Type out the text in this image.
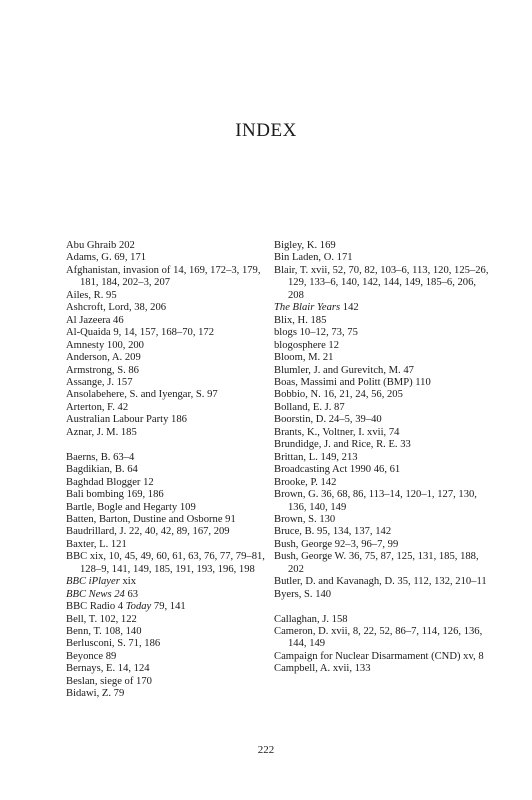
INDEX

Abu Ghraib 202

Adams, G. 69, 171

Afghanistan, invasion of 14, 169, 172–3, 179, 181, 184, 202–3, 207

Ailes, R. 95

Ashcroft, Lord, 38, 206

Al Jazeera 46

Al-Quaida 9, 14, 157, 168–70, 172

Amnesty 100, 200

Anderson, A. 209

Armstrong, S. 86

Assange, J. 157

Ansolabehere, S. and Iyengar, S. 97

Arterton, F. 42

Australian Labour Party 186

Aznar, J. M. 185

Baerns, B. 63–4

Bagdikian, B. 64

Baghdad Blogger 12

Bali bombing 169, 186

Bartle, Bogle and Hegarty 109

Batten, Barton, Dustine and Osborne 91

Baudrillard, J. 22, 40, 42, 89, 167, 209

Baxter, L. 121

BBC xix, 10, 45, 49, 60, 61, 63, 76, 77, 79–81, 128–9, 141, 149, 185, 191, 193, 196, 198

BBC iPlayer xix

BBC News 24 63

BBC Radio 4 Today 79, 141

Bell, T. 102, 122

Benn, T. 108, 140

Berlusconi, S. 71, 186

Beyonce 89

Bernays, E. 14, 124

Beslan, siege of 170

Bidawi, Z. 79

Bigley, K. 169

Bin Laden, O. 171

Blair, T. xvii, 52, 70, 82, 103–6, 113, 120, 125–26, 129, 133–6, 140, 142, 144, 149, 185–6, 206, 208

The Blair Years 142

Blix, H. 185

blogs 10–12, 73, 75

blogosphere 12

Bloom, M. 21

Blumler, J. and Gurevitch, M. 47

Boas, Massimi and Politt (BMP) 110

Bobbio, N. 16, 21, 24, 56, 205

Bolland, E. J. 87

Boorstin, D. 24–5, 39–40

Brants, K., Voltner, I. xvii, 74

Brundidge, J. and Rice, R. E. 33

Brittan, L. 149, 213

Broadcasting Act 1990 46, 61

Brooke, P. 142

Brown, G. 36, 68, 86, 113–14, 120–1, 127, 130, 136, 140, 149

Brown, S. 130

Bruce, B. 95, 134, 137, 142

Bush, George 92–3, 96–7, 99

Bush, George W. 36, 75, 87, 125, 131, 185, 188, 202

Butler, D. and Kavanagh, D. 35, 112, 132, 210–11

Byers, S. 140

Callaghan, J. 158

Cameron, D. xvii, 8, 22, 52, 86–7, 114, 126, 136, 144, 149

Campaign for Nuclear Disarmament (CND) xv, 8

Campbell, A. xvii, 133

222
